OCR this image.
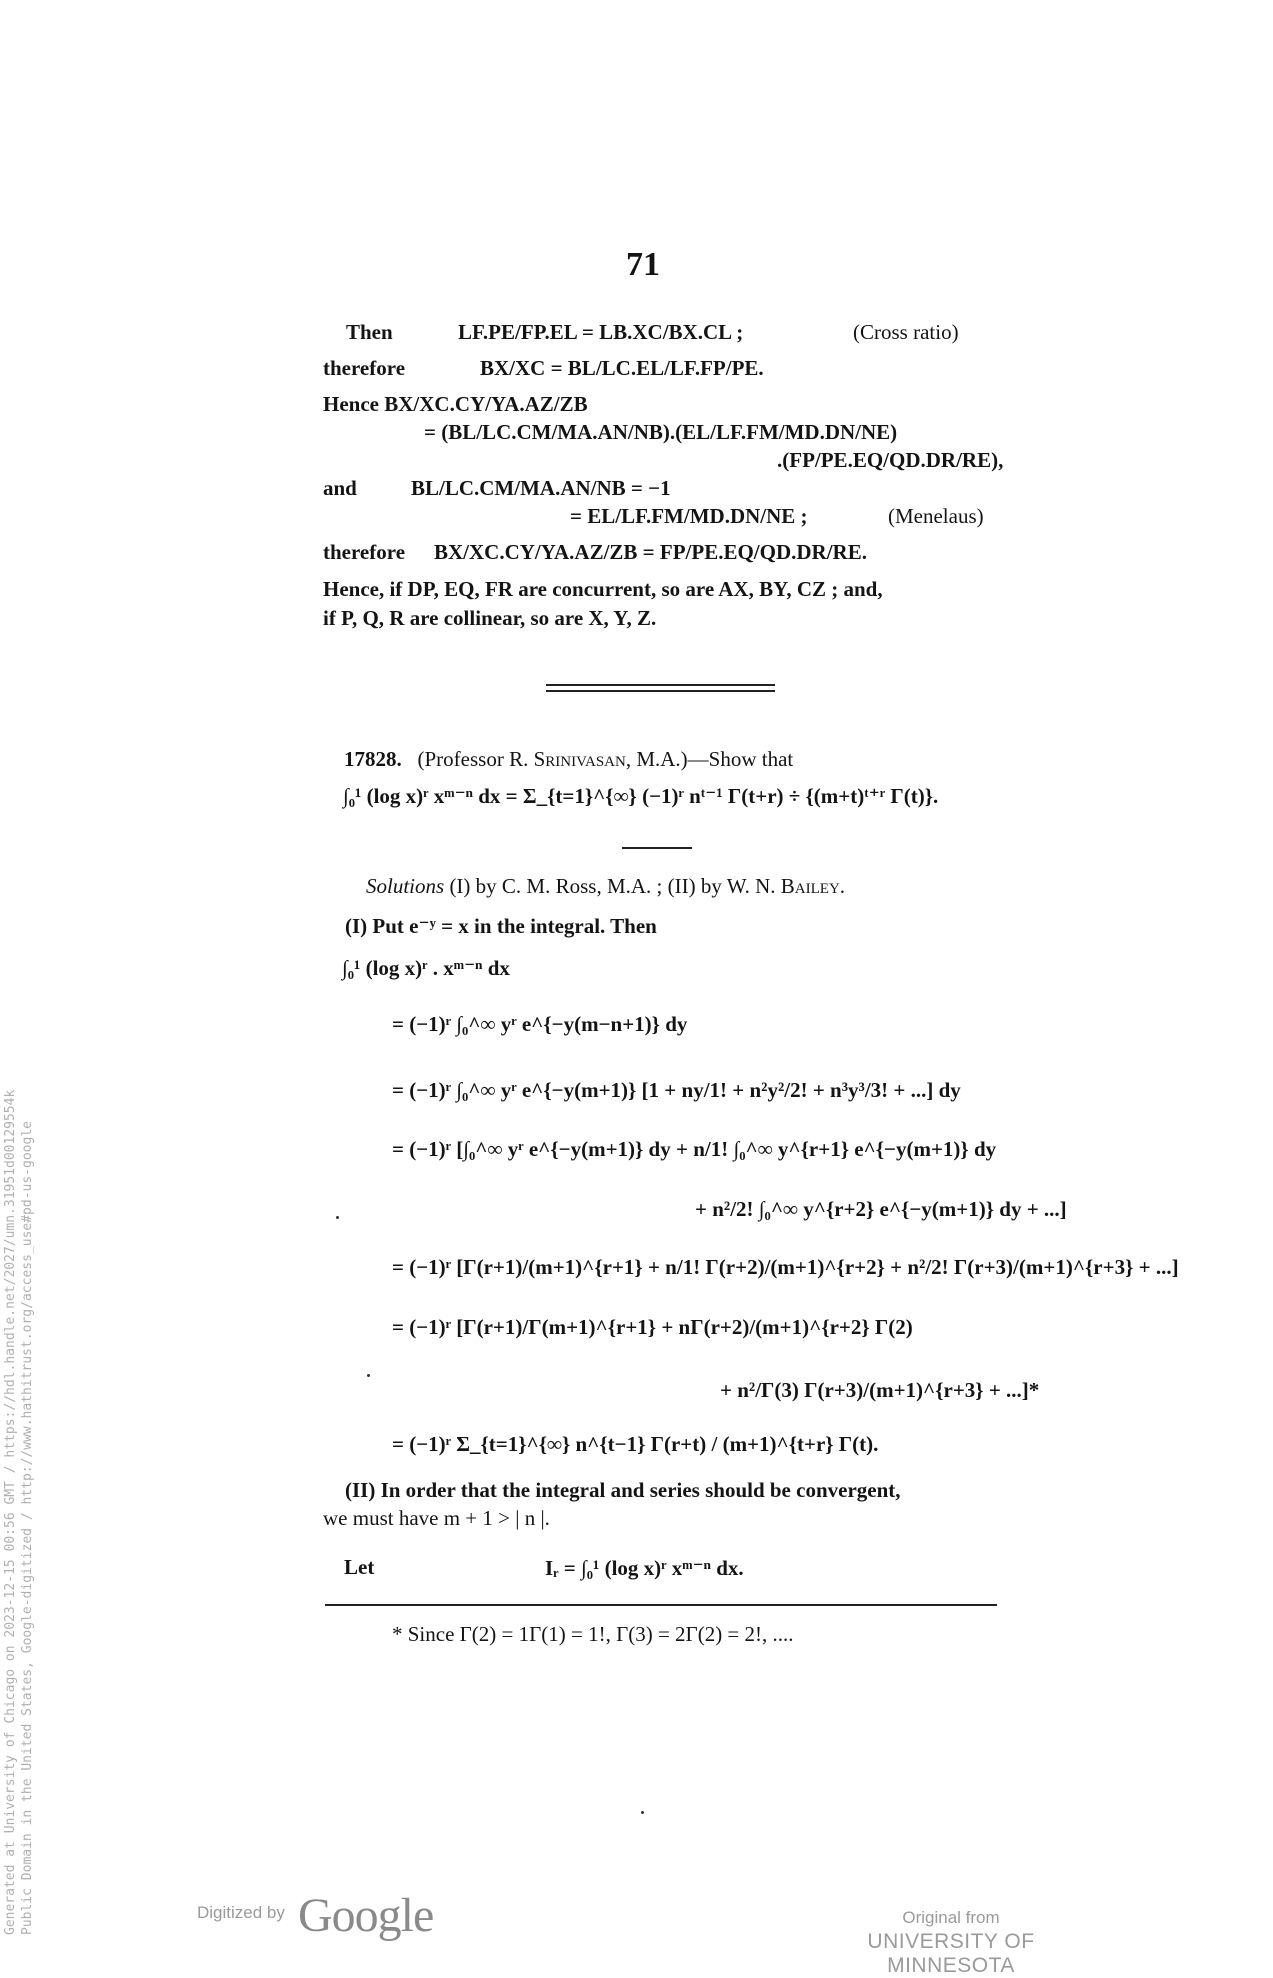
71
Then	LF.PE/FP.EL = LB.XC/BX.CL ;	(Cross ratio)
therefore	BX/XC = BL/LC.EL/LF.FP/PE.
Hence BX/XC.CY/YA.AZ/ZB
= (BL/LC.CM/MA.AN/NB).(EL/LF.FM/MD.DN/NE)
.(FP/PE.EQ/QD.DR/RE),
and	BL/LC.CM/MA.AN/NB = −1
= EL/LF.FM/MD.DN/NE ;	(Menelaus)
therefore BX/XC.CY/YA.AZ/ZB = FP/PE.EQ/QD.DR/RE.
Hence, if DP, EQ, FR are concurrent, so are AX, BY, CZ ; and,
if P, Q, R are collinear, so are X, Y, Z.
17828. (Professor R. Srinivasan, M.A.)—Show that
∫₀¹ (log x)ʳ xᵐ⁻ⁿ dx = Σ_{t=1}^{∞} (−1)ʳ nᵗ⁻¹ Γ(t+r) ÷ {(m+t)ᵗ⁺ʳ Γ(t)}.
Solutions (I) by C. M. Ross, M.A. ; (II) by W. N. Bailey.
(I) Put e⁻ʸ = x in the integral. Then
∫₀¹ (log x)ʳ . xᵐ⁻ⁿ dx
= (−1)ʳ ∫₀^∞ yʳ e^{−y(m−n+1)} dy
= (−1)ʳ ∫₀^∞ yʳ e^{−y(m+1)} [1 + ny/1! + n²y²/2! + n³y³/3! + ...] dy
= (−1)ʳ [∫₀^∞ yʳ e^{−y(m+1)} dy + n/1! ∫₀^∞ y^{r+1} e^{−y(m+1)} dy
+ n²/2! ∫₀^∞ y^{r+2} e^{−y(m+1)} dy + ...]
= (−1)ʳ [Γ(r+1)/(m+1)^{r+1} + n/1! Γ(r+2)/(m+1)^{r+2} + n²/2! Γ(r+3)/(m+1)^{r+3} + ...]
= (−1)ʳ [Γ(r+1)/Γ(m+1)^{r+1} + nΓ(r+2)/(m+1)^{r+2} Γ(2)
+ n²/Γ(3) Γ(r+3)/(m+1)^{r+3} + ...]*
= (−1)ʳ Σ_{t=1}^{∞} n^{t−1} Γ(r+t) / (m+1)^{t+r} Γ(t).
(II) In order that the integral and series should be convergent,
we must have m + 1 > | n |.
Let	Iᵣ = ∫₀¹ (log x)ʳ xᵐ⁻ⁿ dx.
* Since Γ(2) = 1Γ(1) = 1!, Γ(3) = 2Γ(2) = 2!, ....
Generated at University of Chicago on 2023-12-15 00:56 GMT / https://hdl.handle.net/2027/umn.31951d00129554k Public Domain in the United States, Google-digitized / http://www.hathitrust.org/access_use#pd-us-google	Digitized by Google	Original from
UNIVERSITY OF MINNESOTA
